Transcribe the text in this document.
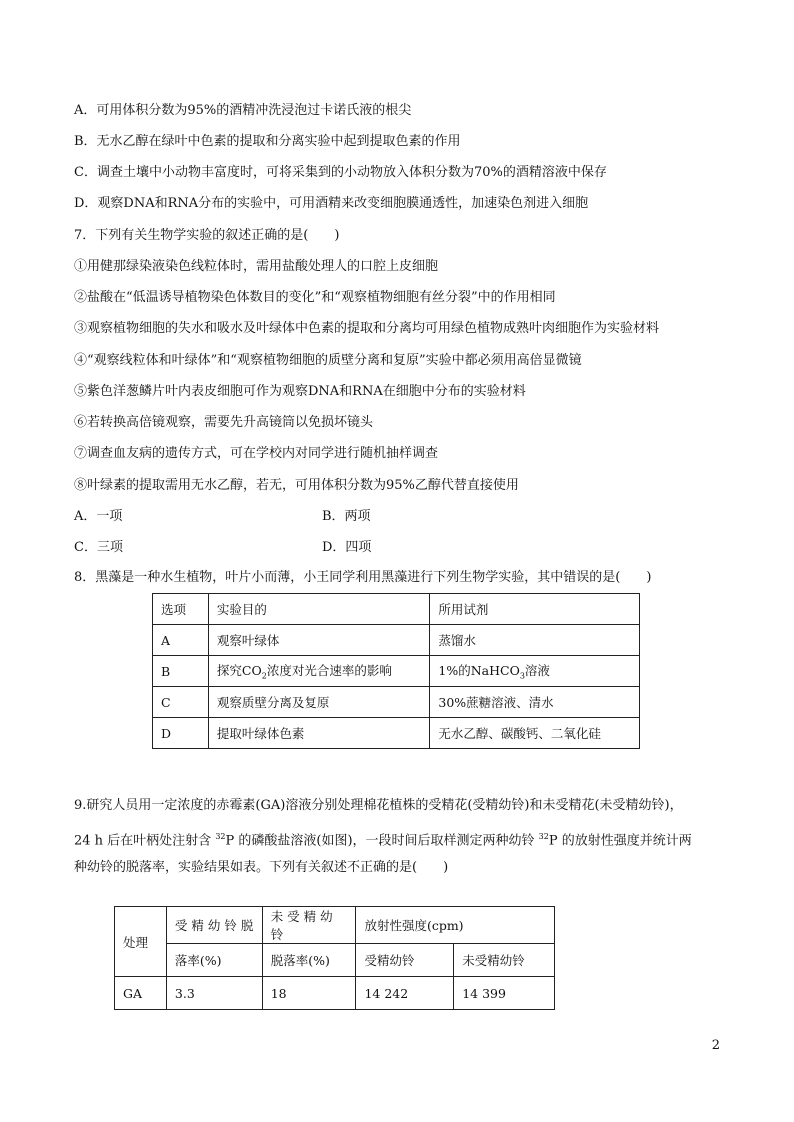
A．可用体积分数为95%的酒精冲洗浸泡过卡诺氏液的根尖
B．无水乙醇在绿叶中色素的提取和分离实验中起到提取色素的作用
C．调查土壤中小动物丰富度时，可将采集到的小动物放入体积分数为70%的酒精溶液中保存
D．观察DNA和RNA分布的实验中，可用酒精来改变细胞膜通透性，加速染色剂进入细胞
7．下列有关生物学实验的叙述正确的是(　　)
①用健那绿染液染色线粒体时，需用盐酸处理人的口腔上皮细胞
②盐酸在“低温诱导植物染色体数目的变化”和“观察植物细胞有丝分裂”中的作用相同
③观察植物细胞的失水和吸水及叶绿体中色素的提取和分离均可用绿色植物成熟叶肉细胞作为实验材料
④“观察线粒体和叶绿体”和“观察植物细胞的质壁分离和复原”实验中都必须用高倍显微镜
⑤紫色洋葱鳞片叶内表皮细胞可作为观察DNA和RNA在细胞中分布的实验材料
⑥若转换高倍镜观察，需要先升高镜筒以免损坏镜头
⑦调查血友病的遗传方式，可在学校内对同学进行随机抽样调查
⑧叶绿素的提取需用无水乙醇，若无，可用体积分数为95%乙醇代替直接使用
A．一项	B．两项
C．三项	D．四项
8．黑藻是一种水生植物，叶片小而薄，小王同学利用黑藻进行下列生物学实验，其中错误的是(　　)
选项	实验目的	所用试剂
A	观察叶绿体	蒸馏水
B	探究$CO_2$浓度对光合速率的影响	1%的NaHCO$_3$溶液
C	观察质壁分离及复原	30%蔗糖溶液、清水
D	提取叶绿体色素	无水乙醇、碳酸钙、二氧化硅
9.研究人员用一定浓度的赤霉素(GA)溶液分别处理棉花植株的受精花(受精幼铃)和未受精花(未受精幼铃)，
24 h 后在叶柄处注射含 $^{32}$P 的磷酸盐溶液(如图)，一段时间后取样测定两种幼铃 $^{32}$P 的放射性强度并统计两
种幼铃的脱落率，实验结果如表。下列有关叙述不正确的是(　　)
处理	受 精 幼 铃 脱	未 受 精 幼 铃	放射性强度(cpm)	
	落率(%)	脱落率(%)	受精幼铃	未受精幼铃
GA	3.3	18	14 242	14 399
2
